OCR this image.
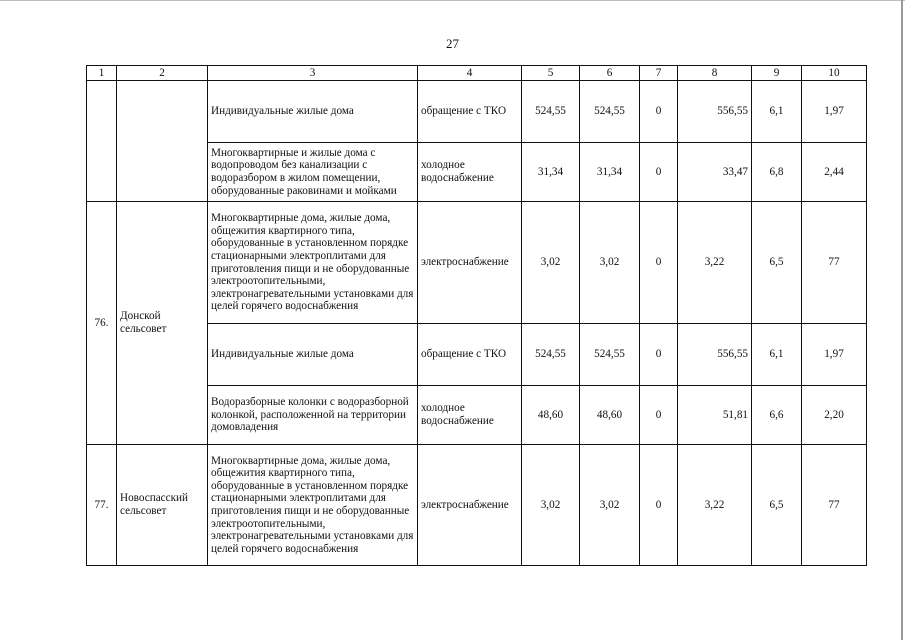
27
1	2	3	4	5	6	7	8	9	10
		Индивидуальные жилые дома	обращение с ТКО	524,55	524,55	0	556,55	6,1	1,97
		Многоквартирные и жилые дома с водопроводом без канализации с водоразбором в жилом помещении, оборудованные раковинами и мойками	холодное водоснабжение	31,34	31,34	0	33,47	6,8	2,44
76.	Донской сельсовет	Многоквартирные дома, жилые дома, общежития квартирного типа, оборудованные в установленном порядке стационарными электроплитами для приготовления пищи и не оборудованные электроотопительными, электронагревательными установками для целей горячего водоснабжения	электроснабжение	3,02	3,02	0	3,22	6,5	77
		Индивидуальные жилые дома	обращение с ТКО	524,55	524,55	0	556,55	6,1	1,97
		Водоразборные колонки с водоразборной колонкой, расположенной на территории домовладения	холодное водоснабжение	48,60	48,60	0	51,81	6,6	2,20
77.	Новоспасский сельсовет	Многоквартирные дома, жилые дома, общежития квартирного типа, оборудованные в установленном порядке стационарными электроплитами для приготовления пищи и не оборудованные электроотопительными, электронагревательными установками для целей горячего водоснабжения	электроснабжение	3,02	3,02	0	3,22	6,5	77
